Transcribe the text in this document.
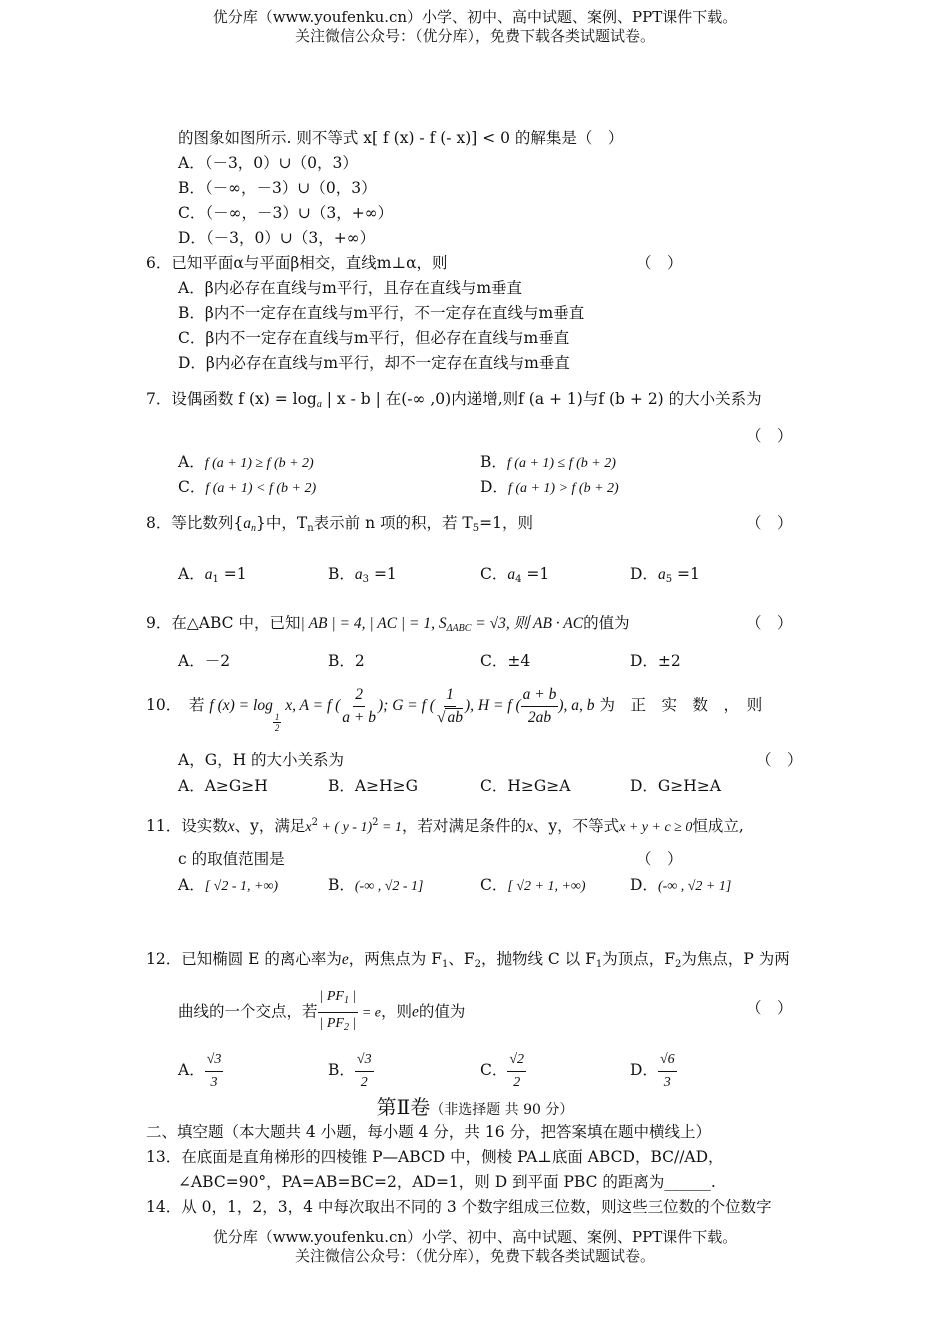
优分库（www.youfenku.cn）小学、初中、高中试题、案例、PPT课件下载。
关注微信公众号：（优分库），免费下载各类试题试卷。
的图象如图所示. 则不等式 x[ f (x) - f (- x)] < 0 的解集是（　）
A．（－3，0）∪（0，3）
B．（－∞，－3）∪（0，3）
C．（－∞，－3）∪（3，+∞）
D．（－3，0）∪（3，+∞）
6．已知平面α与平面β相交，直线m⊥α，则	（　）
A．β内必存在直线与m平行，且存在直线与m垂直
B．β内不一定存在直线与m平行，不一定存在直线与m垂直
C．β内不一定存在直线与m平行，但必存在直线与m垂直
D．β内必存在直线与m平行，却不一定存在直线与m垂直
7．设偶函数 f $(x) = \log_a$ | x - b | 在(-∞ ,0)内递增,则f (a + 1)与f (b + 2) 的大小关系为
（　）
A．f (a + 1) ≥ f (b + 2)	B．f (a + 1) ≤ f (b + 2)
C．f (a + 1) < f (b + 2)	D．f (a + 1) > f (b + 2)
8．等比数列$\{a_n\}$中，$T_n$表示前 n 项的积，若 $T_5=1$，则	（　）
A．$a_1 =1$	B．$a_3 =1$	C．$a_4 =1$	D．$a_5 =1$
9．在△ABC 中，已知| AB | = 4, | AC | = 1, $S_{\Delta ABC} = √3$, 则 AB · AC的值为	（　）
A．－2	B．2	C．±4	D．±2
10．　若 f (x) = log
$\frac{1}{2}$
x, A = f ( $\frac{2}{a + b}$ ); G = f ( $\frac{1}{√ ab}$ ), H = f ( $\frac{a + b}{2ab}$ ), a, b 为　正　实　数　，　则
A，G，H 的大小关系为	（　）
A．A≥G≥H	B．A≥H≥G	C．H≥G≥A	D．G≥H≥A
11．设实数x、y，满足$x^2$ + ( y - 1)$^2$ = 1，若对满足条件的x、y，不等式x + y + c ≥ 0恒成立,
c 的取值范围是	（　）
A．[ √2 - 1, +∞)	B．(-∞ , √2 - 1]	C．[ √2 + 1, +∞)	D．(-∞ , √2 + 1]
12．已知椭圆 E 的离心率为e，两焦点为 $F_1$、$F_2$，抛物线 C 以 $F_1$为顶点，$F_2$为焦点，P 为两
曲线的一个交点，若 $\frac{| PF_1 |}{| PF_2 |} = e$，则e的值为	（　）
A． $\frac{√3}{3}$	B． $\frac{√3}{2}$	C． $\frac{√2}{2}$	D． $\frac{√6}{3}$
第Ⅱ卷（非选择题 共 90 分）
二、填空题（本大题共 4 小题，每小题 4 分，共 16 分，把答案填在题中横线上）
13．在底面是直角梯形的四棱锥 P—ABCD 中，侧棱 PA⊥底面 ABCD，BC//AD，
∠ABC=90°，PA=AB=BC=2，AD=1，则 D 到平面 PBC 的距离为______.
14．从 0，1，2，3，4 中每次取出不同的 3 个数字组成三位数，则这些三位数的个位数字
优分库（www.youfenku.cn）小学、初中、高中试题、案例、PPT课件下载。
关注微信公众号：（优分库），免费下载各类试题试卷。
